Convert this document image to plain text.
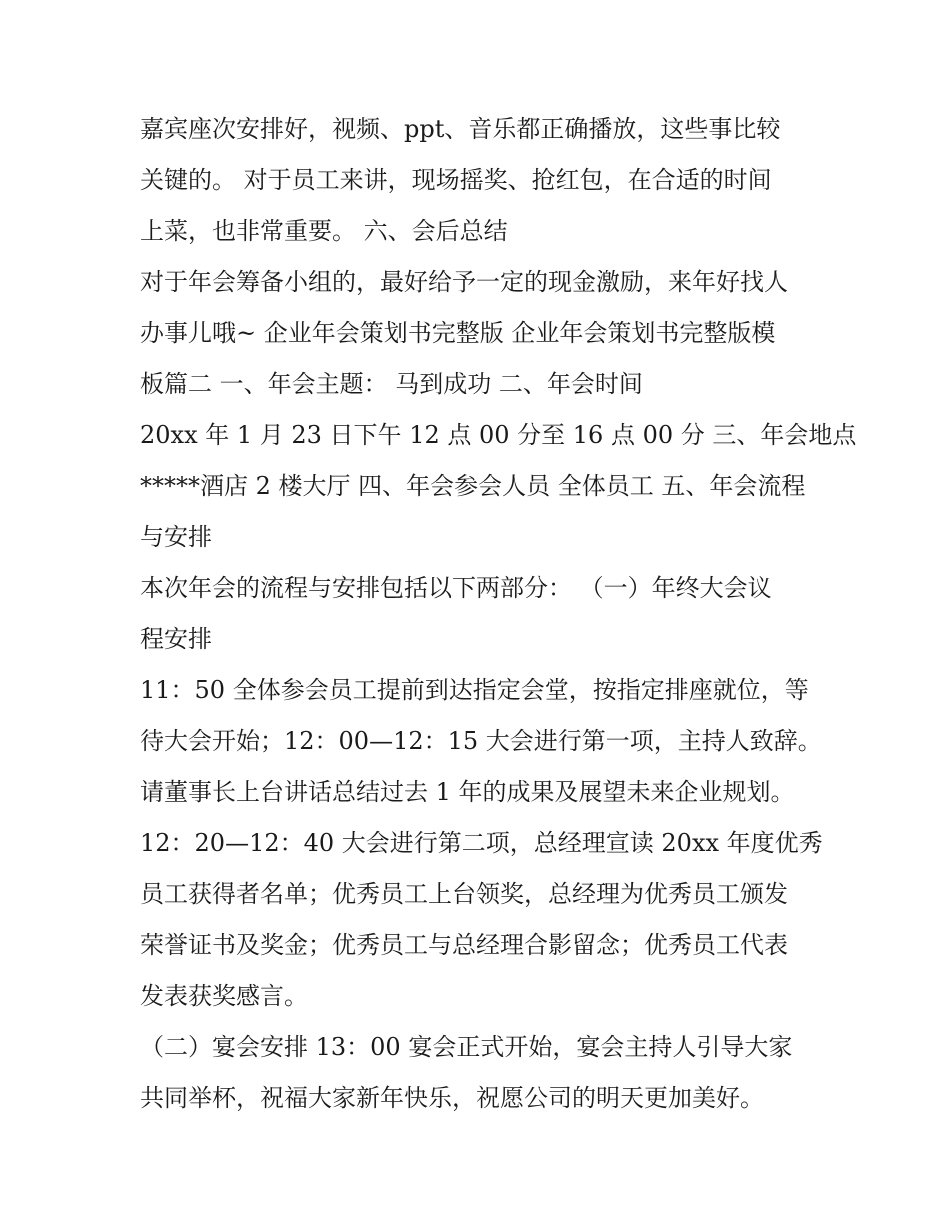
嘉宾座次安排好，视频、ppt、音乐都正确播放，这些事比较
关键的。 对于员工来讲，现场摇奖、抢红包，在合适的时间
上菜，也非常重要。 六、会后总结
对于年会筹备小组的，最好给予一定的现金激励，来年好找人
办事儿哦~ 企业年会策划书完整版 企业年会策划书完整版模
板篇二 一、年会主题： 马到成功 二、年会时间
20xx 年 1 月 23 日下午 12 点 00 分至 16 点 00 分 三、年会地点
*****酒店 2 楼大厅 四、年会参会人员 全体员工 五、年会流程
与安排
本次年会的流程与安排包括以下两部分： （一）年终大会议
程安排
11：50 全体参会员工提前到达指定会堂，按指定排座就位，等
待大会开始；12：00—12：15 大会进行第一项，主持人致辞。
请董事长上台讲话总结过去 1 年的成果及展望未来企业规划。
12：20—12：40 大会进行第二项，总经理宣读 20xx 年度优秀
员工获得者名单；优秀员工上台领奖，总经理为优秀员工颁发
荣誉证书及奖金；优秀员工与总经理合影留念；优秀员工代表
发表获奖感言。
（二）宴会安排 13：00 宴会正式开始，宴会主持人引导大家
共同举杯，祝福大家新年快乐，祝愿公司的明天更加美好。
